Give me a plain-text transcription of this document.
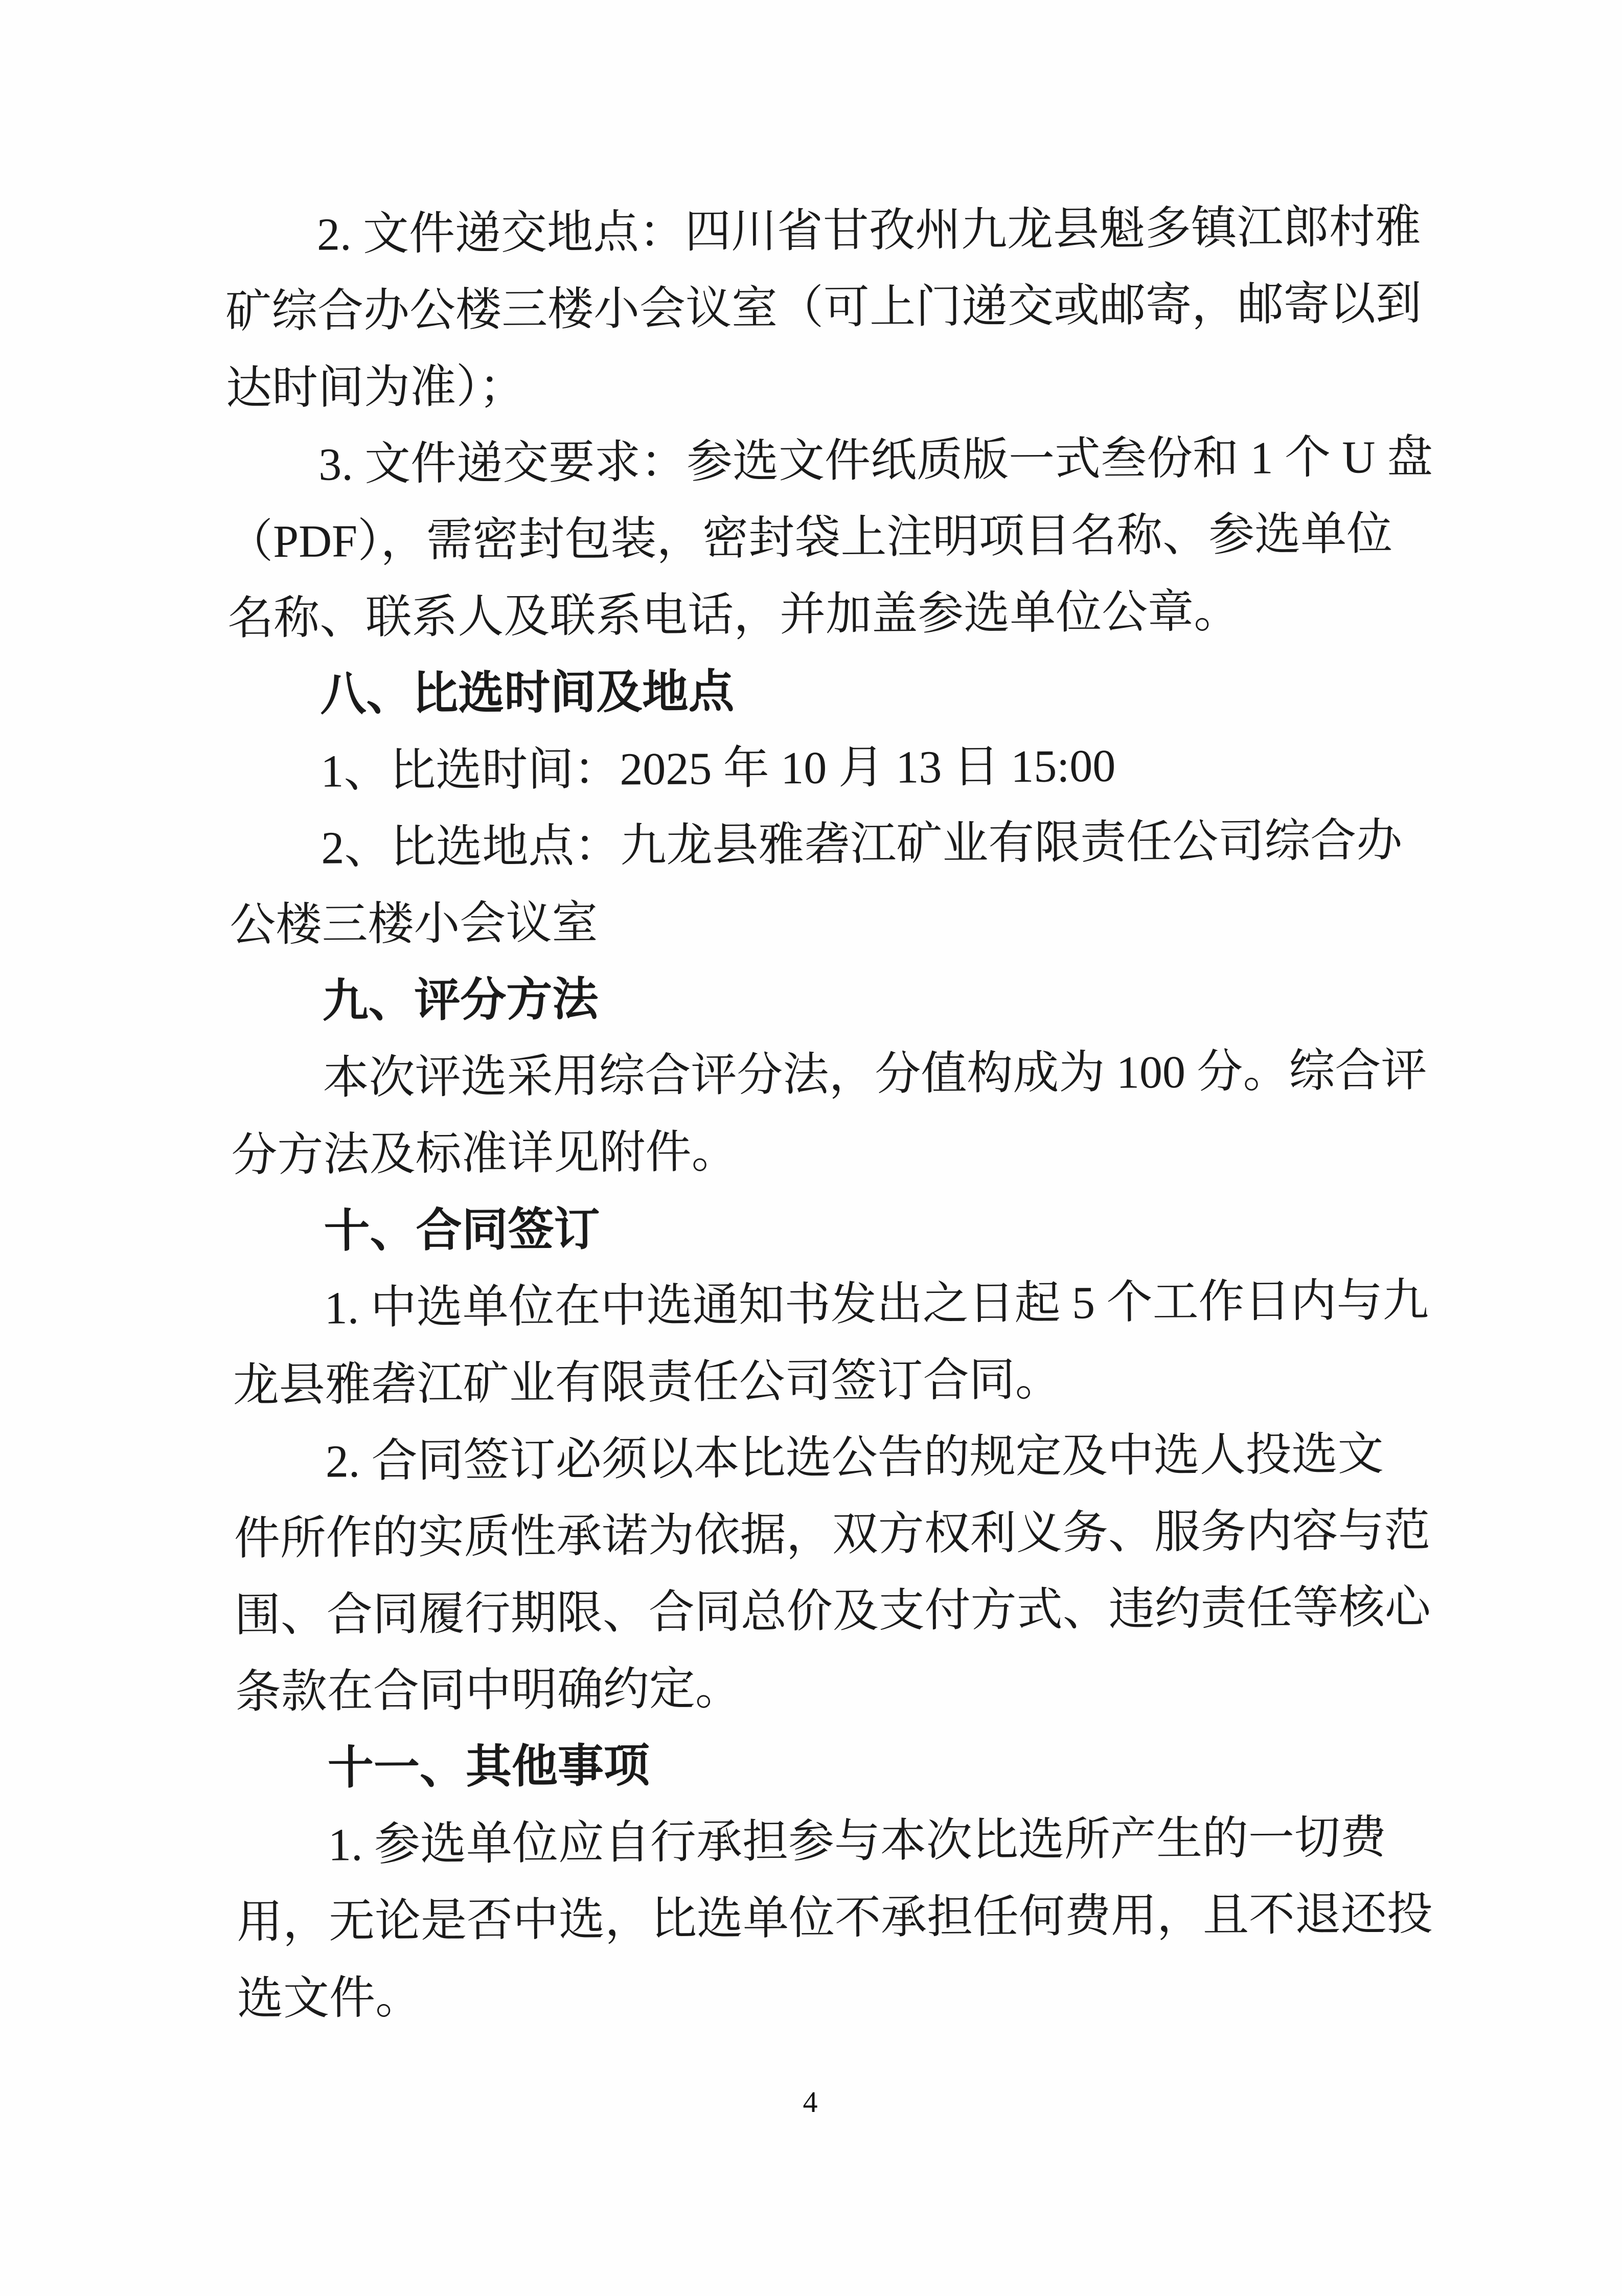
2. 文件递交地点：四川省甘孜州九龙县魁多镇江郎村雅
矿综合办公楼三楼小会议室（可上门递交或邮寄，邮寄以到
达时间为准）；
3. 文件递交要求：参选文件纸质版一式叁份和 1 个 U 盘
（PDF），需密封包装，密封袋上注明项目名称、参选单位
名称、联系人及联系电话，并加盖参选单位公章。
八、比选时间及地点
1、比选时间：2025 年 10 月 13 日 15:00
2、比选地点：九龙县雅砻江矿业有限责任公司综合办
公楼三楼小会议室
九、评分方法
本次评选采用综合评分法，分值构成为 100 分。综合评
分方法及标准详见附件。
十、合同签订
1. 中选单位在中选通知书发出之日起 5 个工作日内与九
龙县雅砻江矿业有限责任公司签订合同。
2. 合同签订必须以本比选公告的规定及中选人投选文
件所作的实质性承诺为依据，双方权利义务、服务内容与范
围、合同履行期限、合同总价及支付方式、违约责任等核心
条款在合同中明确约定。
十一、其他事项
1. 参选单位应自行承担参与本次比选所产生的一切费
用，无论是否中选，比选单位不承担任何费用，且不退还投
选文件。
4
